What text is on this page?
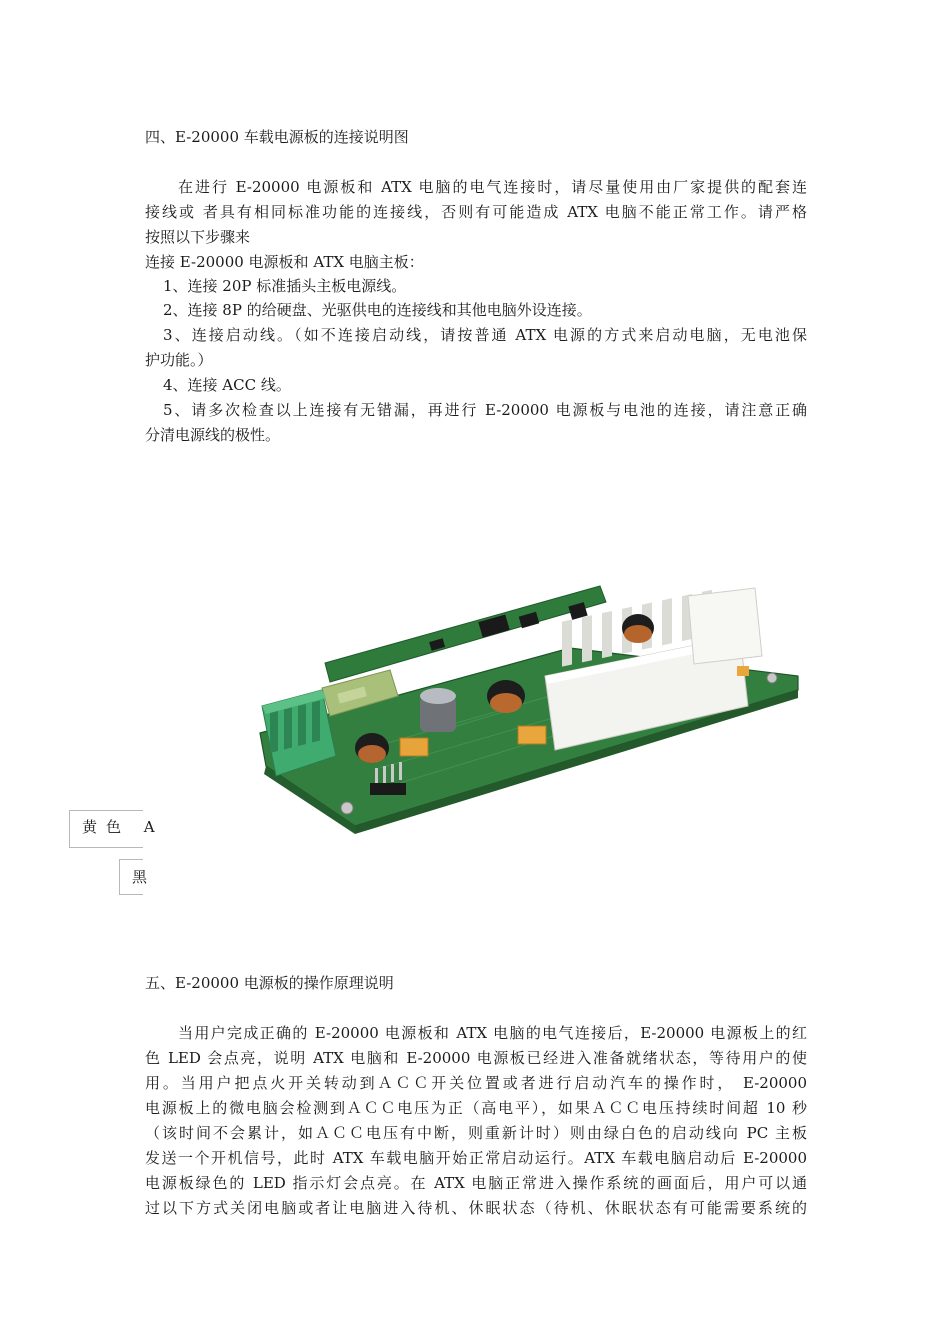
四、E-20000 车载电源板的连接说明图
在进行 E-20000 电源板和 ATX 电脑的电气连接时，请尽量使用由厂家提供的配套连
接线或 者具有相同标准功能的连接线，否则有可能造成 ATX 电脑不能正常工作。请严格
按照以下步骤来
连接 E-20000 电源板和 ATX 电脑主板：
1、连接 20P 标准插头主板电源线。
2、连接 8P 的给硬盘、光驱供电的连接线和其他电脑外设连接。
3、连接启动线。（如不连接启动线，请按普通 ATX 电源的方式来启动电脑，无电池保
护功能。）
4、连接 ACC 线。
5、请多次检查以上连接有无错漏，再进行 E-20000 电源板与电池的连接，请注意正确
分清电源线的极性。
黄色 A
黑
五、E-20000 电源板的操作原理说明
当用户完成正确的 E-20000 电源板和 ATX 电脑的电气连接后，E-20000 电源板上的红
色 LED 会点亮，说明 ATX 电脑和 E-20000 电源板已经进入准备就绪状态，等待用户的使
用。当用户把点火开关转动到ＡＣＣ开关位置或者进行启动汽车的操作时， E-20000
电源板上的微电脑会检测到ＡＣＣ电压为正（高电平），如果ＡＣＣ电压持续时间超 10 秒
（该时间不会累计，如ＡＣＣ电压有中断，则重新计时）则由绿白色的启动线向 PC 主板
发送一个开机信号，此时 ATX 车载电脑开始正常启动运行。ATX 车载电脑启动后 E-20000
电源板绿色的 LED 指示灯会点亮。在 ATX 电脑正常进入操作系统的画面后，用户可以通
过以下方式关闭电脑或者让电脑进入待机、休眠状态（待机、休眠状态有可能需要系统的
